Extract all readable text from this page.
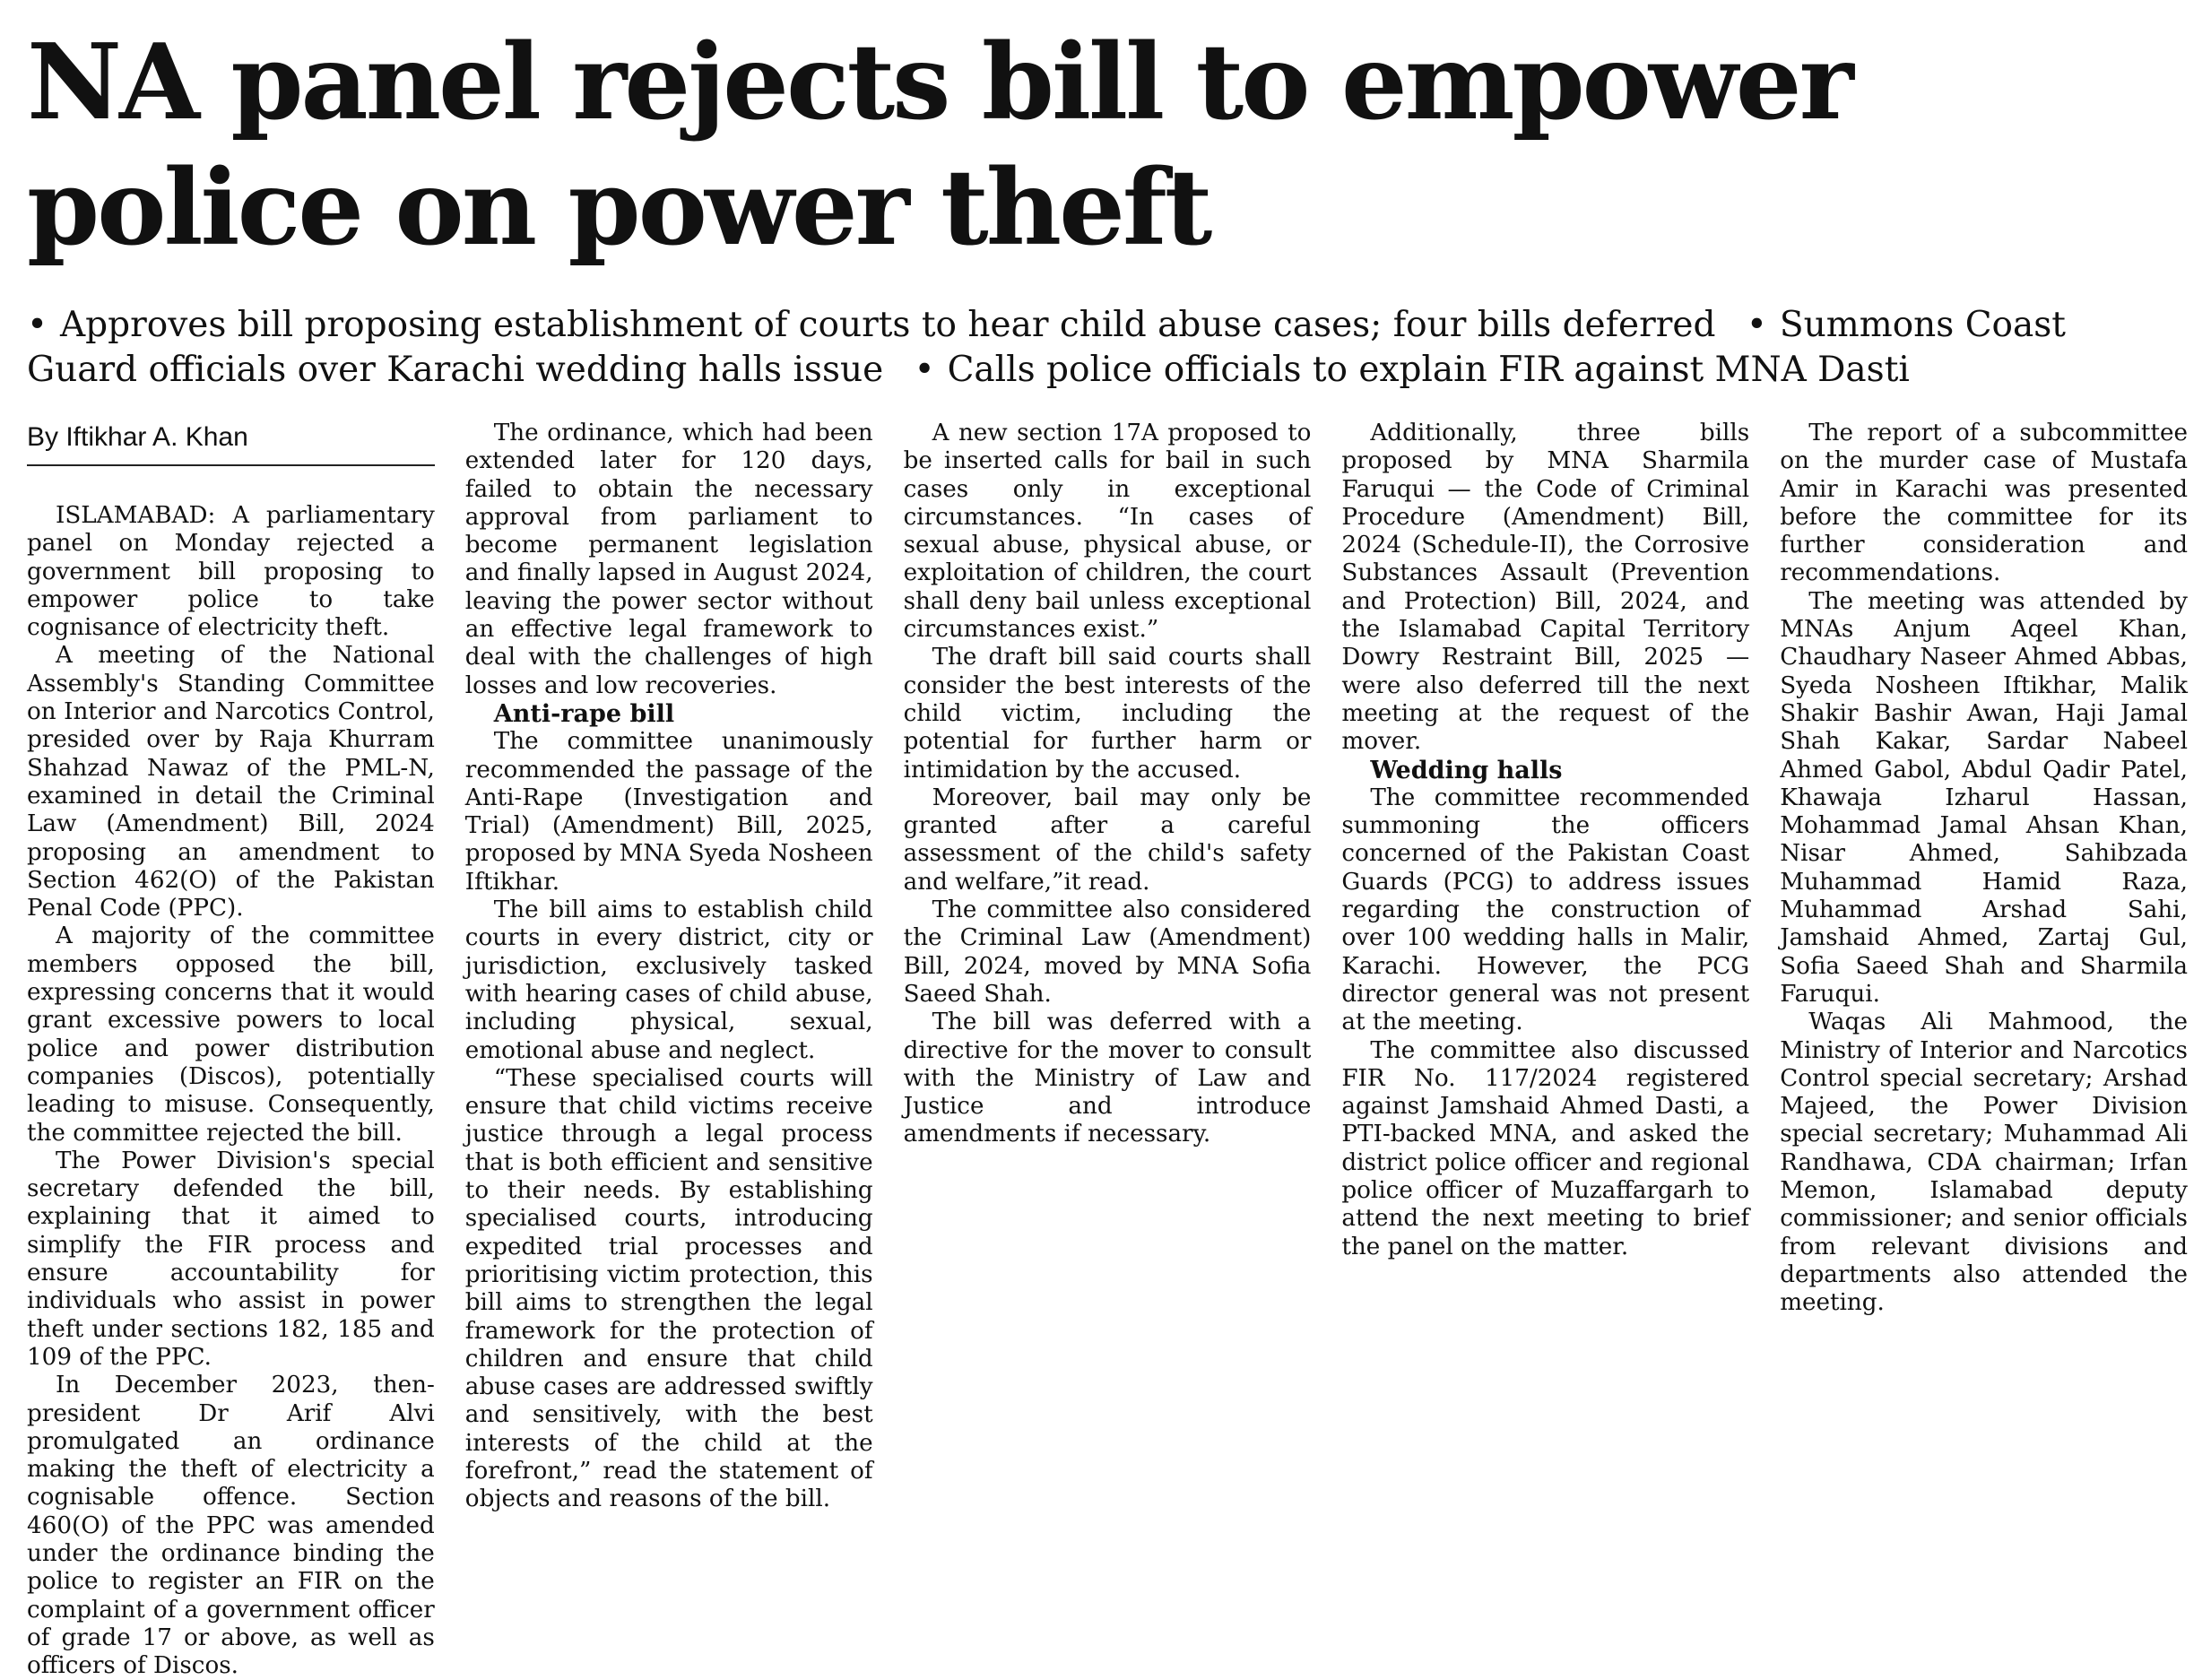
NA panel rejects bill to empower police on power theft
• Approves bill proposing establishment of courts to hear child abuse cases; four bills deferred • Summons Coast Guard officials over Karachi wedding halls issue • Calls police officials to explain FIR against MNA Dasti
By Iftikhar A. Khan

ISLAMABAD: A parliamentary panel on Monday rejected a government bill proposing to empower police to take cognisance of electricity theft.

A meeting of the National Assembly's Standing Committee on Interior and Narcotics Control, presided over by Raja Khurram Shahzad Nawaz of the PML-N, examined in detail the Criminal Law (Amendment) Bill, 2024 proposing an amendment to Section 462(O) of the Pakistan Penal Code (PPC).

A majority of the committee members opposed the bill, expressing concerns that it would grant excessive powers to local police and power distribution companies (Discos), potentially leading to misuse. Consequently, the committee rejected the bill.

The Power Division's special secretary defended the bill, explaining that it aimed to simplify the FIR process and ensure accountability for individuals who assist in power theft under sections 182, 185 and 109 of the PPC.

In December 2023, then-president Dr Arif Alvi promulgated an ordinance making the theft of electricity a cognisable offence. Section 460(O) of the PPC was amended under the ordinance binding the police to register an FIR on the complaint of a government officer of grade 17 or above, as well as officers of Discos.

The ordinance, which had been extended later for 120 days, failed to obtain the necessary approval from parliament to become permanent legislation and finally lapsed in August 2024, leaving the power sector without an effective legal framework to deal with the challenges of high losses and low recoveries.

Anti-rape bill

The committee unanimously recommended the passage of the Anti-Rape (Investigation and Trial) (Amendment) Bill, 2025, proposed by MNA Syeda Nosheen Iftikhar.

The bill aims to establish child courts in every district, city or jurisdiction, exclusively tasked with hearing cases of child abuse, including physical, sexual, emotional abuse and neglect.

“These specialised courts will ensure that child victims receive justice through a legal process that is both efficient and sensitive to their needs. By establishing specialised courts, introducing expedited trial processes and prioritising victim protection, this bill aims to strengthen the legal framework for the protection of children and ensure that child abuse cases are addressed swiftly and sensitively, with the best interests of the child at the forefront,” read the statement of objects and reasons of the bill.

A new section 17A proposed to be inserted calls for bail in such cases only in exceptional circumstances. “In cases of sexual abuse, physical abuse, or exploitation of children, the court shall deny bail unless exceptional circumstances exist.”

The draft bill said courts shall consider the best interests of the child victim, including the potential for further harm or intimidation by the accused.

Moreover, bail may only be granted after a careful assessment of the child's safety and welfare,”it read.

The committee also considered the Criminal Law (Amendment) Bill, 2024, moved by MNA Sofia Saeed Shah.

The bill was deferred with a directive for the mover to consult with the Ministry of Law and Justice and introduce amendments if necessary.

Additionally, three bills proposed by MNA Sharmila Faruqui — the Code of Criminal Procedure (Amendment) Bill, 2024 (Schedule-II), the Corrosive Substances Assault (Prevention and Protection) Bill, 2024, and the Islamabad Capital Territory Dowry Restraint Bill, 2025 — were also deferred till the next meeting at the request of the mover.

Wedding halls

The committee recommended summoning the officers concerned of the Pakistan Coast Guards (PCG) to address issues regarding the construction of over 100 wedding halls in Malir, Karachi. However, the PCG director general was not present at the meeting.

The committee also discussed FIR No. 117/2024 registered against Jamshaid Ahmed Dasti, a PTI-backed MNA, and asked the district police officer and regional police officer of Muzaffargarh to attend the next meeting to brief the panel on the matter.

The report of a subcommittee on the murder case of Mustafa Amir in Karachi was presented before the committee for its further consideration and recommendations.

The meeting was attended by MNAs Anjum Aqeel Khan, Chaudhary Naseer Ahmed Abbas, Syeda Nosheen Iftikhar, Malik Shakir Bashir Awan, Haji Jamal Shah Kakar, Sardar Nabeel Ahmed Gabol, Abdul Qadir Patel, Khawaja Izharul Hassan, Mohammad Jamal Ahsan Khan, Nisar Ahmed, Sahibzada Muhammad Hamid Raza, Muhammad Arshad Sahi, Jamshaid Ahmed, Zartaj Gul, Sofia Saeed Shah and Sharmila Faruqui.

Waqas Ali Mahmood, the Ministry of Interior and Narcotics Control special secretary; Arshad Majeed, the Power Division special secretary; Muhammad Ali Randhawa, CDA chairman; Irfan Memon, Islamabad deputy commissioner; and senior officials from relevant divisions and departments also attended the meeting.
